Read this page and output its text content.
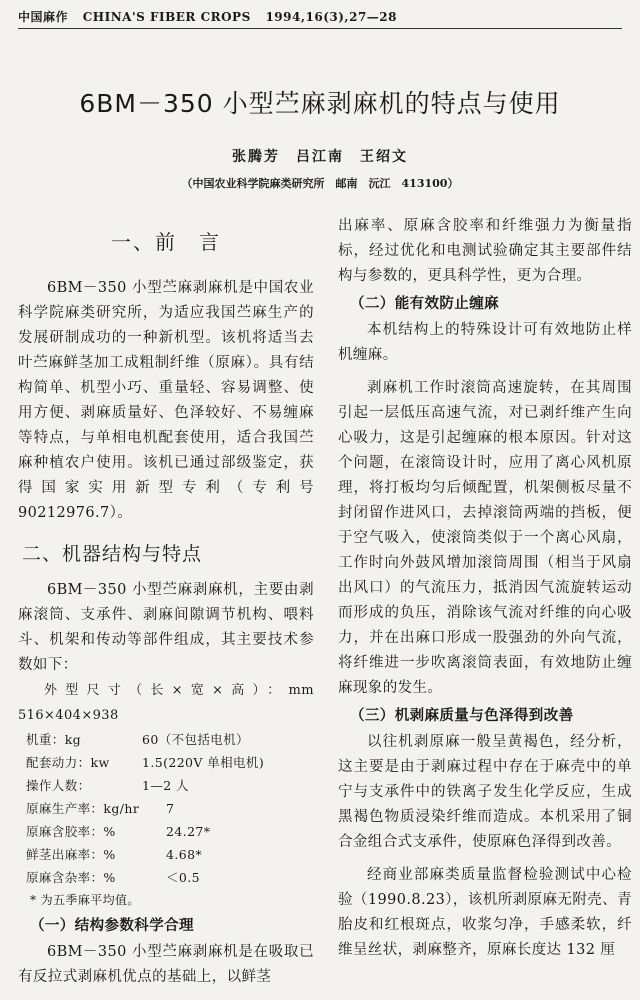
中国麻作 CHINA'S FIBER CROPS 1994,16(3),27—28
6BM－350 小型苎麻剥麻机的特点与使用
张腾芳　吕江南　王绍文
（中国农业科学院麻类研究所　邮南　沅江　413100）

一、前　言

6BM－350 小型苎麻剥麻机是中国农业科学院麻类研究所，为适应我国苎麻生产的发展研制成功的一种新机型。该机将适当去叶苎麻鲜茎加工成粗制纤维（原麻）。具有结构简单、机型小巧、重量轻、容易调整、使用方便、剥麻质量好、色泽较好、不易缠麻等特点，与单相电机配套使用，适合我国苎麻种植农户使用。该机已通过部级鉴定，获得国家实用新型专利（专利号90212976.7）。

二、机器结构与特点

6BM－350 小型苎麻剥麻机，主要由剥麻滚筒、支承件、剥麻间隙调节机构、喂料斗、机架和传动等部件组成，其主要技术参数如下：

外型尺寸（长×宽×高）：mm　516×404×938

机重：kg	60（不包括电机）
配套动力：kw	1.5(220V 单相电机)
操作人数：	1—2 人
原麻生产率：kg/hr 7
原麻含胶率：%	24.27*
鲜茎出麻率：%	4.68*
原麻含杂率：%	＜0.5

* 为五季麻平均值。

（一）结构参数科学合理

6BM－350 小型苎麻剥麻机是在吸取已有反拉式剥麻机优点的基础上，以鲜茎

出麻率、原麻含胶率和纤维强力为衡量指标，经过优化和电测试验确定其主要部件结构与参数的，更具科学性，更为合理。

（二）能有效防止缠麻

本机结构上的特殊设计可有效地防止样机缠麻。

剥麻机工作时滚筒高速旋转，在其周围引起一层低压高速气流，对已剥纤维产生向心吸力，这是引起缠麻的根本原因。针对这个问题，在滚筒设计时，应用了离心风机原理，将打板均匀后倾配置，机架侧板尽量不封闭留作进风口，去掉滚筒两端的挡板，便于空气吸入，使滚筒类似于一个离心风扇，工作时向外鼓风增加滚筒周围（相当于风扇出风口）的气流压力，抵消因气流旋转运动而形成的负压，消除该气流对纤维的向心吸力，并在出麻口形成一股强劲的外向气流，将纤维进一步吹离滚筒表面，有效地防止缠麻现象的发生。

（三）机剥麻质量与色泽得到改善

以往机剥原麻一般呈黄褐色，经分析，这主要是由于剥麻过程中存在于麻壳中的单宁与支承件中的铁离子发生化学反应，生成黑褐色物质浸染纤维而造成。本机采用了铜合金组合式支承件，使原麻色泽得到改善。

经商业部麻类质量监督检验测试中心检验（1990.8.23），该机所剥原麻无附壳、青胎皮和红根斑点，收浆匀净，手感柔软，纤维呈丝状，剥麻整齐，原麻长度达 132 厘
